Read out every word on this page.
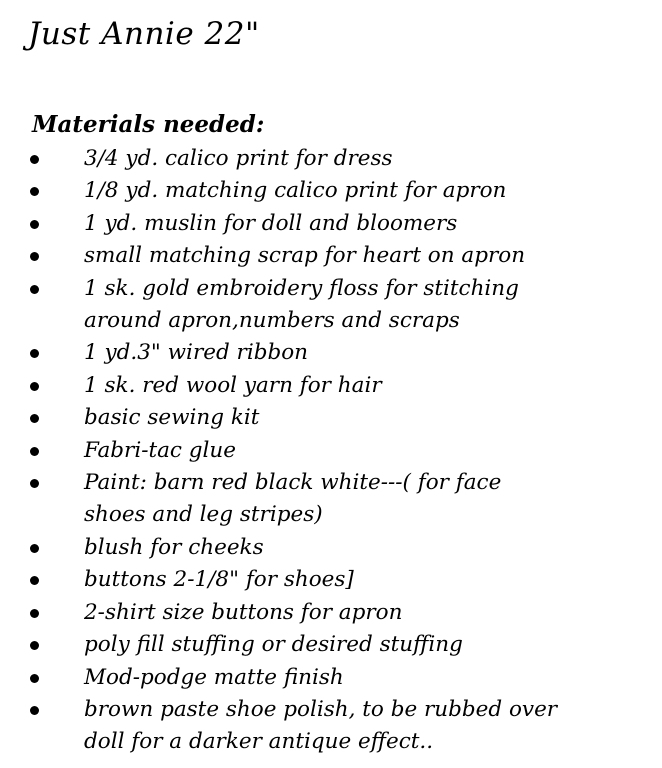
Just Annie 22"
Materials needed:
3/4 yd. calico print for dress
1/8 yd. matching calico print for apron
1 yd. muslin for doll and bloomers
small matching scrap for heart on apron
1 sk. gold embroidery floss for stitching
around apron,numbers and scraps
1 yd.3" wired ribbon
1 sk. red wool yarn for hair
basic sewing kit
Fabri-tac glue
Paint: barn red black white---( for face
shoes and leg stripes)
blush for cheeks
buttons 2-1/8" for shoes]
2-shirt size buttons for apron
poly fill stuffing or desired stuffing
Mod-podge matte finish
brown paste shoe polish, to be rubbed over
doll for a darker antique effect..
